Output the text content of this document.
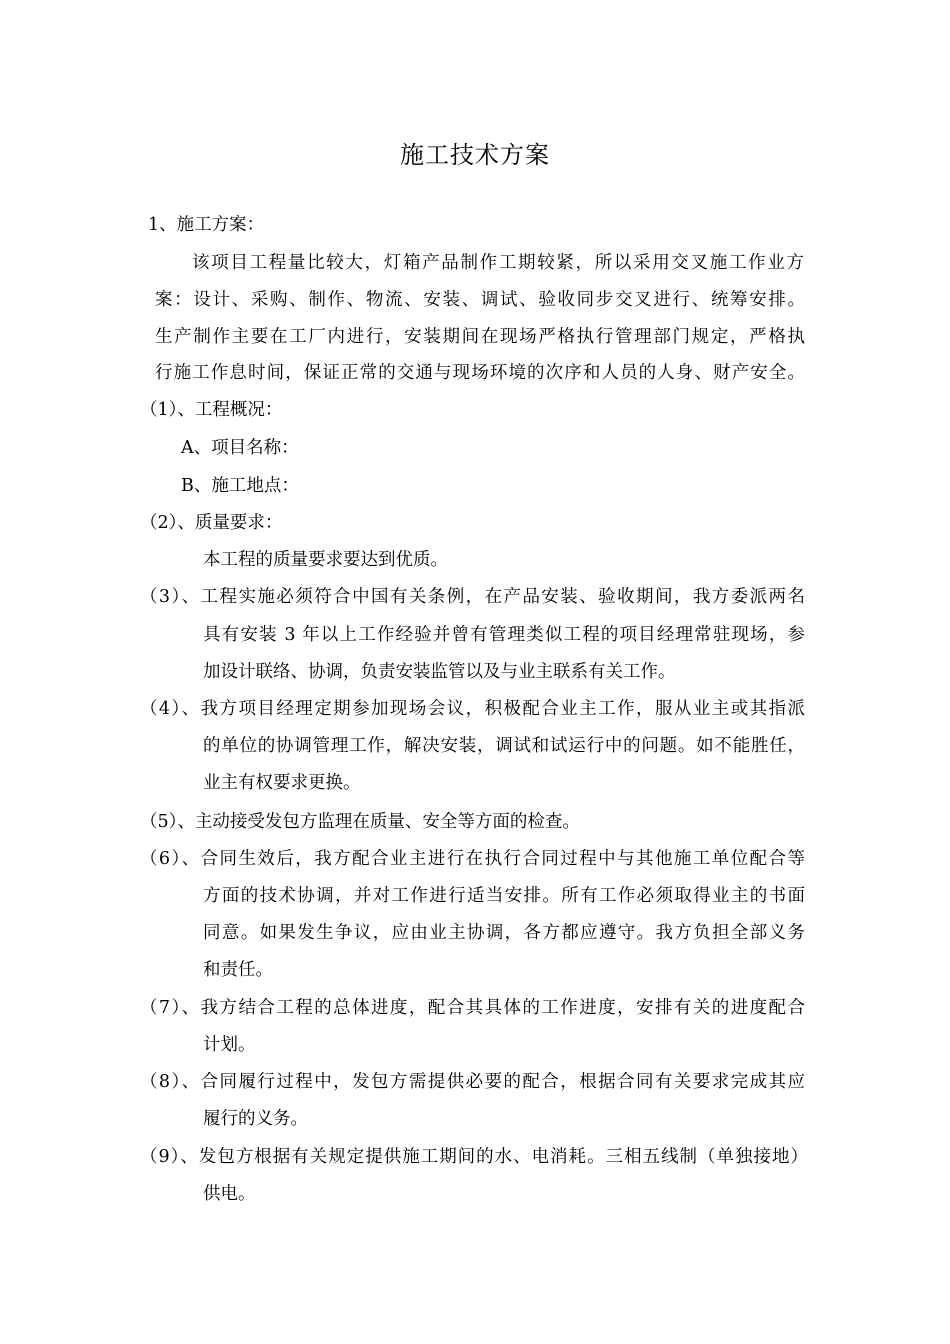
施工技术方案
1、施工方案：
该项目工程量比较大，灯箱产品制作工期较紧，所以采用交叉施工作业方
案：设计、采购、制作、物流、安装、调试、验收同步交叉进行、统筹安排。
生产制作主要在工厂内进行，安装期间在现场严格执行管理部门规定，严格执
行施工作息时间，保证正常的交通与现场环境的次序和人员的人身、财产安全。
（1）、工程概况：
A、项目名称：
B、施工地点：
（2）、质量要求：
本工程的质量要求要达到优质。
（3）、工程实施必须符合中国有关条例，在产品安装、验收期间，我方委派两名
具有安装 3 年以上工作经验并曾有管理类似工程的项目经理常驻现场，参
加设计联络、协调，负责安装监管以及与业主联系有关工作。
（4）、我方项目经理定期参加现场会议，积极配合业主工作，服从业主或其指派
的单位的协调管理工作，解决安装，调试和试运行中的问题。如不能胜任，
业主有权要求更换。
（5）、主动接受发包方监理在质量、安全等方面的检查。
（6）、合同生效后，我方配合业主进行在执行合同过程中与其他施工单位配合等
方面的技术协调，并对工作进行适当安排。所有工作必须取得业主的书面
同意。如果发生争议，应由业主协调，各方都应遵守。我方负担全部义务
和责任。
（7）、我方结合工程的总体进度，配合其具体的工作进度，安排有关的进度配合
计划。
（8）、合同履行过程中，发包方需提供必要的配合，根据合同有关要求完成其应
履行的义务。
（9）、发包方根据有关规定提供施工期间的水、电消耗。三相五线制（单独接地）
供电。
